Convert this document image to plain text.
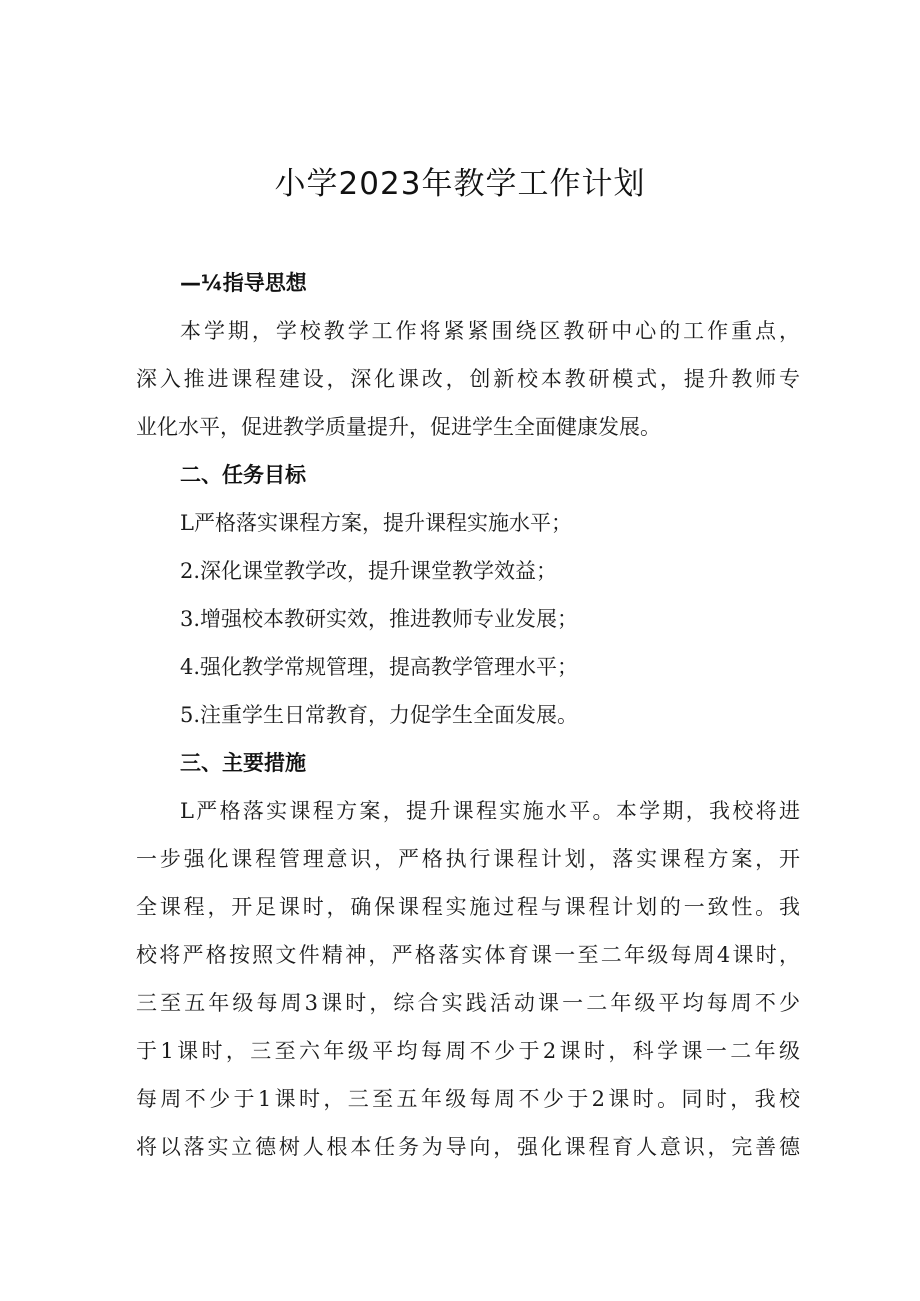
小学2023年教学工作计划
—¼指导思想
本学期，学校教学工作将紧紧围绕区教研中心的工作重点，
深入推进课程建设，深化课改，创新校本教研模式，提升教师专
业化水平，促进教学质量提升，促进学生全面健康发展。
二、任务目标
L严格落实课程方案，提升课程实施水平；
2.深化课堂教学改，提升课堂教学效益；
3.增强校本教研实效，推进教师专业发展；
4.强化教学常规管理，提高教学管理水平；
5.注重学生日常教育，力促学生全面发展。
三、主要措施
L严格落实课程方案，提升课程实施水平。本学期，我校将进
一步强化课程管理意识，严格执行课程计划，落实课程方案，开
全课程，开足课时，确保课程实施过程与课程计划的一致性。我
校将严格按照文件精神，严格落实体育课一至二年级每周4课时，
三至五年级每周3课时，综合实践活动课一二年级平均每周不少
于1课时，三至六年级平均每周不少于2课时，科学课一二年级
每周不少于1课时，三至五年级每周不少于2课时。同时，我校
将以落实立德树人根本任务为导向，强化课程育人意识，完善德
